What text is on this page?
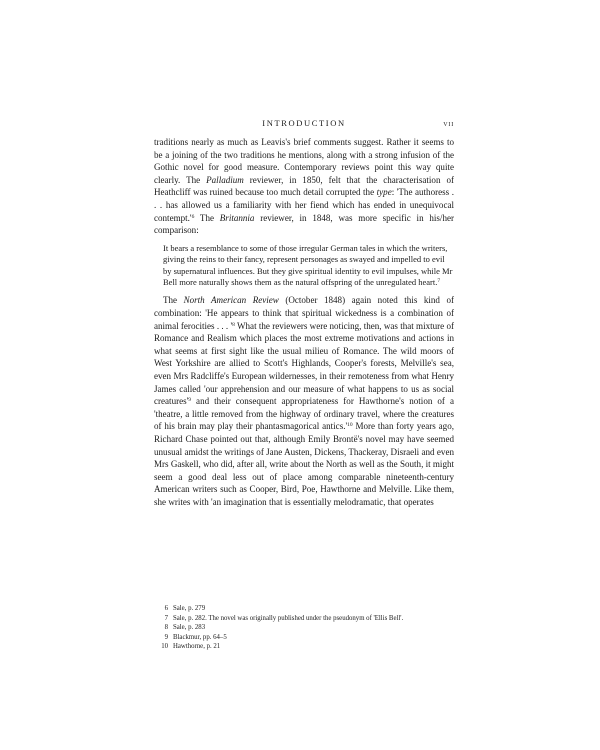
INTRODUCTION	vii

traditions nearly as much as Leavis's brief comments suggest. Rather it seems to be a joining of the two traditions he mentions, along with a strong infusion of the Gothic novel for good measure. Contemporary reviews point this way quite clearly. The Palladium reviewer, in 1850, felt that the characterisation of Heathcliff was ruined because too much detail corrupted the type: 'The authoress . . . has allowed us a familiarity with her fiend which has ended in unequivocal $contempt.'^6$ The Britannia reviewer, in 1848, was more specific in his/her comparison:

It bears a resemblance to some of those irregular German tales in which the writers, giving the reins to their fancy, represent personages as swayed and impelled to evil by supernatural influences. But they give spiritual identity to evil impulses, while Mr Bell more naturally shows them as the natural offspring of the unregulated heart.$^7$

The North American Review (October 1848) again noted this kind of combination: 'He appears to think that spiritual wickedness is a combination of animal ferocities . . . '$^8$ What the reviewers were noticing, then, was that mixture of Romance and Realism which places the most extreme motivations and actions in what seems at first sight like the usual milieu of Romance. The wild moors of West Yorkshire are allied to Scott's Highlands, Cooper's forests, Melville's sea, even Mrs Radcliffe's European wildernesses, in their remoteness from what Henry James called 'our apprehension and our measure of what happens to us as social $creatures'^9$ and their consequent appropriateness for Hawthorne's notion of a 'theatre, a little removed from the highway of ordinary travel, where the creatures of his brain may play their phantasmagorical $antics.'^{10}$ More than forty years ago, Richard Chase pointed out that, although Emily Brontë's novel may have seemed unusual amidst the writings of Jane Austen, Dickens, Thackeray, Disraeli and even Mrs Gaskell, who did, after all, write about the North as well as the South, it might seem a good deal less out of place among comparable nineteenth-century American writers such as Cooper, Bird, Poe, Hawthorne and Melville. Like them, she writes with 'an imagination that is essentially melodramatic, that operates

6 Sale, p. 279
7 Sale, p. 282. The novel was originally published under the pseudonym of 'Ellis Bell'.
8 Sale, p. 283
9 Blackmur, pp. 64–5
10 Hawthorne, p. 21
